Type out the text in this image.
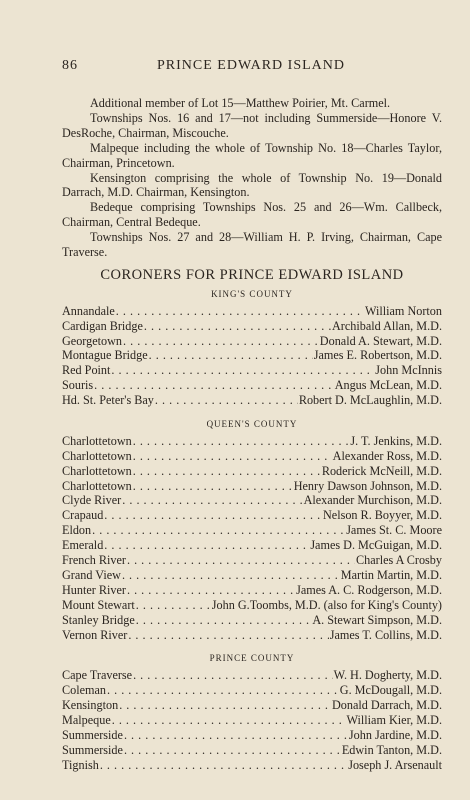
86	PRINCE EDWARD ISLAND

Additional member of Lot 15—Matthew Poirier, Mt. Carmel.

Townships Nos. 16 and 17—not including Summerside—Honore V. DesRoche, Chairman, Miscouche.

Malpeque including the whole of Township No. 18—Charles Taylor, Chairman, Princetown.

Kensington comprising the whole of Township No. 19—Donald Darrach, M.D. Chairman, Kensington.

Bedeque comprising Townships Nos. 25 and 26—Wm. Callbeck, Chairman, Central Bedeque.

Townships Nos. 27 and 28—William H. P. Irving, Chairman, Cape Traverse.

CORONERS FOR PRINCE EDWARD ISLAND
KING'S COUNTY
Annandale . . .	William Norton
Cardigan Bridge . . .	Archibald Allan, M.D.
Georgetown . . .	Donald A. Stewart, M.D.
Montague Bridge . . .	James E. Robertson, M.D.
Red Point . . .	John McInnis
Souris . . .	Angus McLean, M.D.
Hd. St. Peter's Bay . . .	Robert D. McLaughlin, M.D.
QUEEN'S COUNTY
Charlottetown . . .	J. T. Jenkins, M.D.
Charlottetown . . .	Alexander Ross, M.D.
Charlottetown . . .	Roderick McNeill, M.D.
Charlottetown . . .	Henry Dawson Johnson, M.D.
Clyde River . . .	Alexander Murchison, M.D.
Crapaud . . .	Nelson R. Boyyer, M.D.
Eldon . . .	James St. C. Moore
Emerald . . .	James D. McGuigan, M.D.
French River . . .	Charles A Crosby
Grand View . . .	Martin Martin, M.D.
Hunter River . . .	James A. C. Rodgerson, M.D.
Mount Stewart . . .	John G.Toombs, M.D. (also for King's County)
Stanley Bridge . . .	A. Stewart Simpson, M.D.
Vernon River . . .	James T. Collins, M.D.
PRINCE COUNTY
Cape Traverse . . .	W. H. Dogherty, M.D.
Coleman . . .	G. McDougall, M.D.
Kensington . . .	Donald Darrach, M.D.
Malpeque . . .	William Kier, M.D.
Summerside . . .	John Jardine, M.D.
Summerside . . .	Edwin Tanton, M.D.
Tignish . . .	Joseph J. Arsenault
